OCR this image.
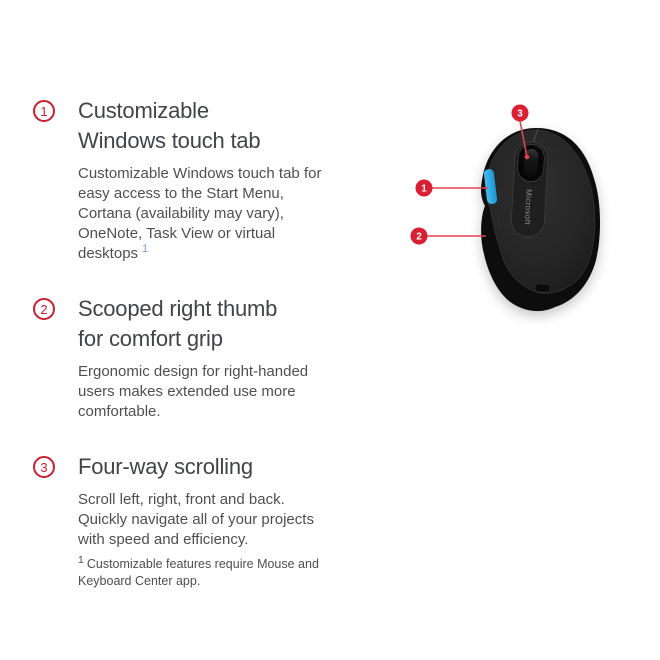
1 Customizable
Windows touch tab

Customizable Windows touch tab for easy access to the Start Menu, Cortana (availability may vary), OneNote, Task View or virtual desktops $^1$

2 Scooped right thumb
for comfort grip

Ergonomic design for right-handed users makes extended use more comfortable.

3 Four-way scrolling

Scroll left, right, front and back. Quickly navigate all of your projects with speed and efficiency.

$^1$ Customizable features require Mouse and Keyboard Center app.

Microsoft
3
1
2
